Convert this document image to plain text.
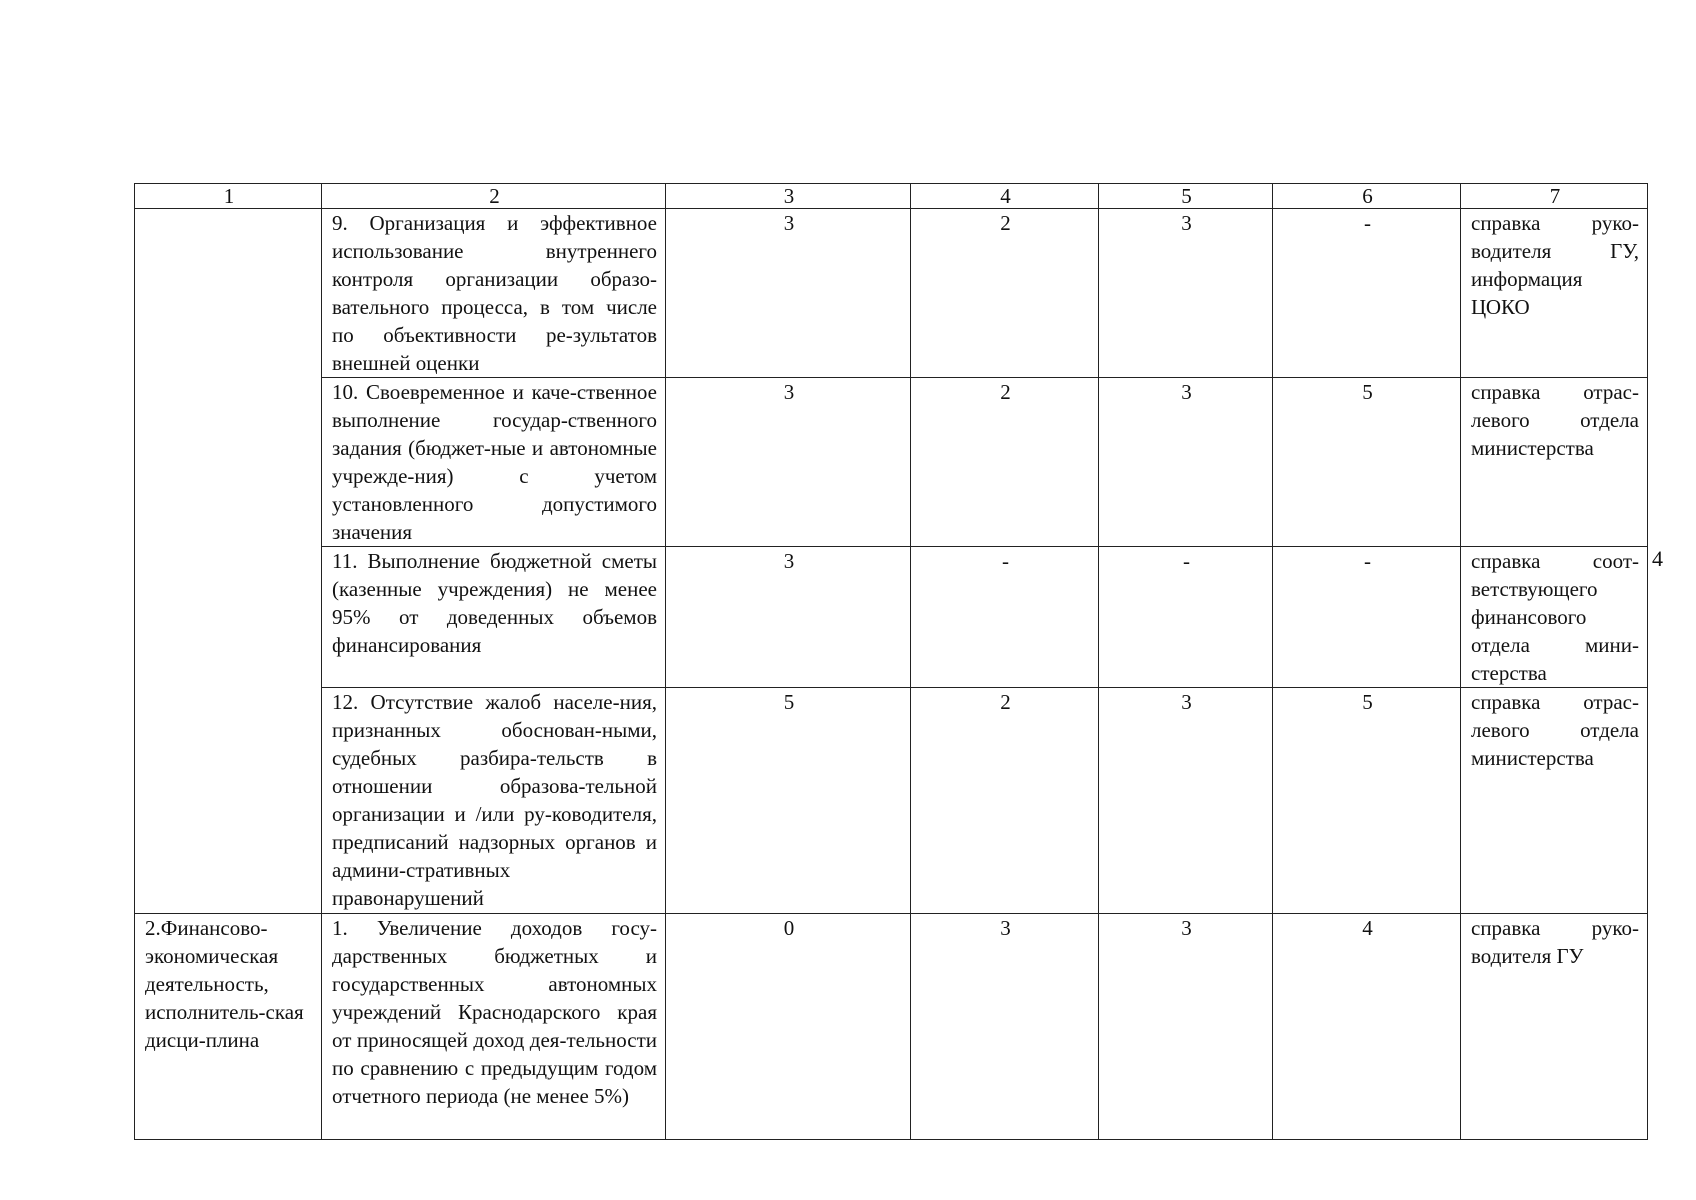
1	2	3	4	5	6	7
	9. Организация и эффективное использование внутреннего контроля организации образо-вательного процесса, в том числе по объективности ре-зультатов внешней оценки	3	2	3	-	справка руко-водителя ГУ, информация ЦОКО
	10. Своевременное и каче-ственное выполнение государ-ственного задания (бюджет-ные и автономные учрежде-ния) с учетом установленного допустимого значения	3	2	3	5	справка отрас-левого отдела министерства
	11. Выполнение бюджетной сметы (казенные учреждения) не менее 95% от доведенных объемов финансирования	3	-	-	-	справка соот-ветствующего финансового отдела мини-стерства
	12. Отсутствие жалоб населе-ния, признанных обоснован-ными, судебных разбира-тельств в отношении образова-тельной организации и /или ру-ководителя, предписаний надзорных органов и админи-стративных правонарушений	5	2	3	5	справка отрас-левого отдела министерства
2.Финансово-экономическая деятельность, исполнитель-ская дисци-плина	1. Увеличение доходов госу-дарственных бюджетных и государственных автономных учреждений Краснодарского края от приносящей доход дея-тельности по сравнению с предыдущим годом отчетного периода (не менее 5%)	0	3	3	4	справка руко-водителя ГУ
4
